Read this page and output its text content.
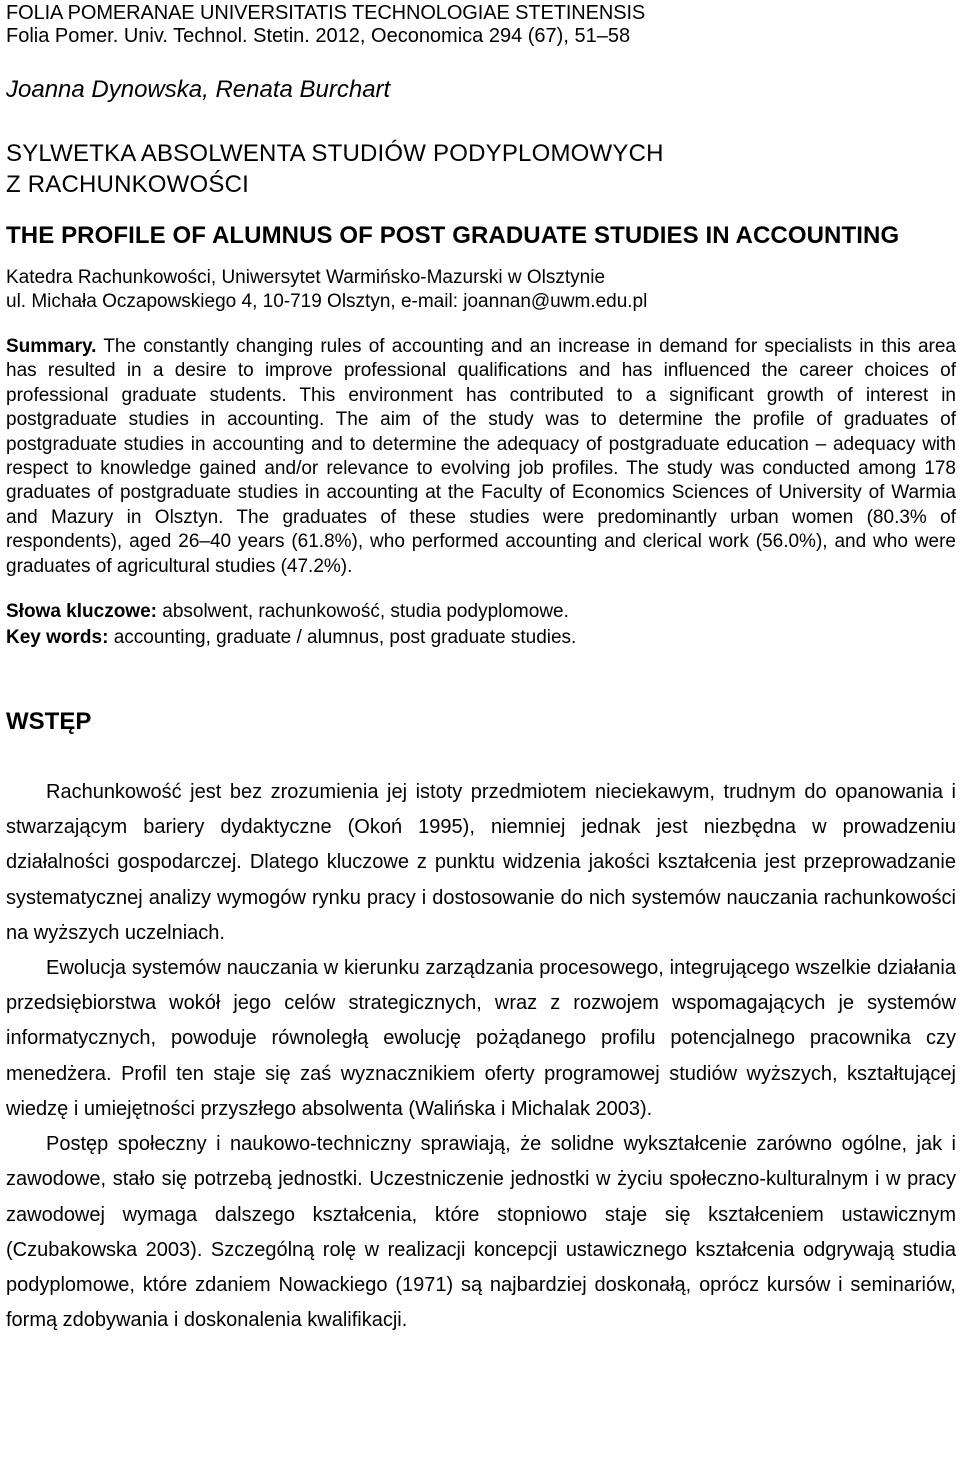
FOLIA POMERANAE UNIVERSITATIS TECHNOLOGIAE STETINENSIS
Folia Pomer. Univ. Technol. Stetin. 2012, Oeconomica 294 (67), 51–58
Joanna Dynowska, Renata Burchart
SYLWETKA ABSOLWENTA STUDIÓW PODYPLOMOWYCH
Z RACHUNKOWOŚCI
THE PROFILE OF ALUMNUS OF POST GRADUATE STUDIES IN ACCOUNTING
Katedra Rachunkowości, Uniwersytet Warmińsko-Mazurski w Olsztynie
ul. Michała Oczapowskiego 4, 10-719 Olsztyn, e-mail: joannan@uwm.edu.pl
Summary. The constantly changing rules of accounting and an increase in demand for specialists in this area has resulted in a desire to improve professional qualifications and has influenced the career choices of professional graduate students. This environment has contributed to a significant growth of interest in postgraduate studies in accounting. The aim of the study was to determine the profile of graduates of postgraduate studies in accounting and to determine the adequacy of postgraduate education – adequacy with respect to knowledge gained and/or relevance to evolving job profiles. The study was conducted among 178 graduates of postgraduate studies in accounting at the Faculty of Economics Sciences of University of Warmia and Mazury in Olsztyn. The graduates of these studies were predominantly urban women (80.3% of respondents), aged 26–40 years (61.8%), who performed accounting and clerical work (56.0%), and who were graduates of agricultural studies (47.2%).
Słowa kluczowe: absolwent, rachunkowość, studia podyplomowe.
Key words: accounting, graduate / alumnus, post graduate studies.
WSTĘP

Rachunkowość jest bez zrozumienia jej istoty przedmiotem nieciekawym, trudnym do opanowania i stwarzającym bariery dydaktyczne (Okoń 1995), niemniej jednak jest niezbędna w prowadzeniu działalności gospodarczej. Dlatego kluczowe z punktu widzenia jakości kształcenia jest przeprowadzanie systematycznej analizy wymogów rynku pracy i dostosowanie do nich systemów nauczania rachunkowości na wyższych uczelniach.

Ewolucja systemów nauczania w kierunku zarządzania procesowego, integrującego wszelkie działania przedsiębiorstwa wokół jego celów strategicznych, wraz z rozwojem wspomagających je systemów informatycznych, powoduje równoległą ewolucję pożądanego profilu potencjalnego pracownika czy menedżera. Profil ten staje się zaś wyznacznikiem oferty programowej studiów wyższych, kształtującej wiedzę i umiejętności przyszłego absolwenta (Walińska i Michalak 2003).

Postęp społeczny i naukowo-techniczny sprawiają, że solidne wykształcenie zarówno ogólne, jak i zawodowe, stało się potrzebą jednostki. Uczestniczenie jednostki w życiu społeczno-kulturalnym i w pracy zawodowej wymaga dalszego kształcenia, które stopniowo staje się kształceniem ustawicznym (Czubakowska 2003). Szczególną rolę w realizacji koncepcji ustawicznego kształcenia odgrywają studia podyplomowe, które zdaniem Nowackiego (1971) są najbardziej doskonałą, oprócz kursów i seminariów, formą zdobywania i doskonalenia kwalifikacji.
